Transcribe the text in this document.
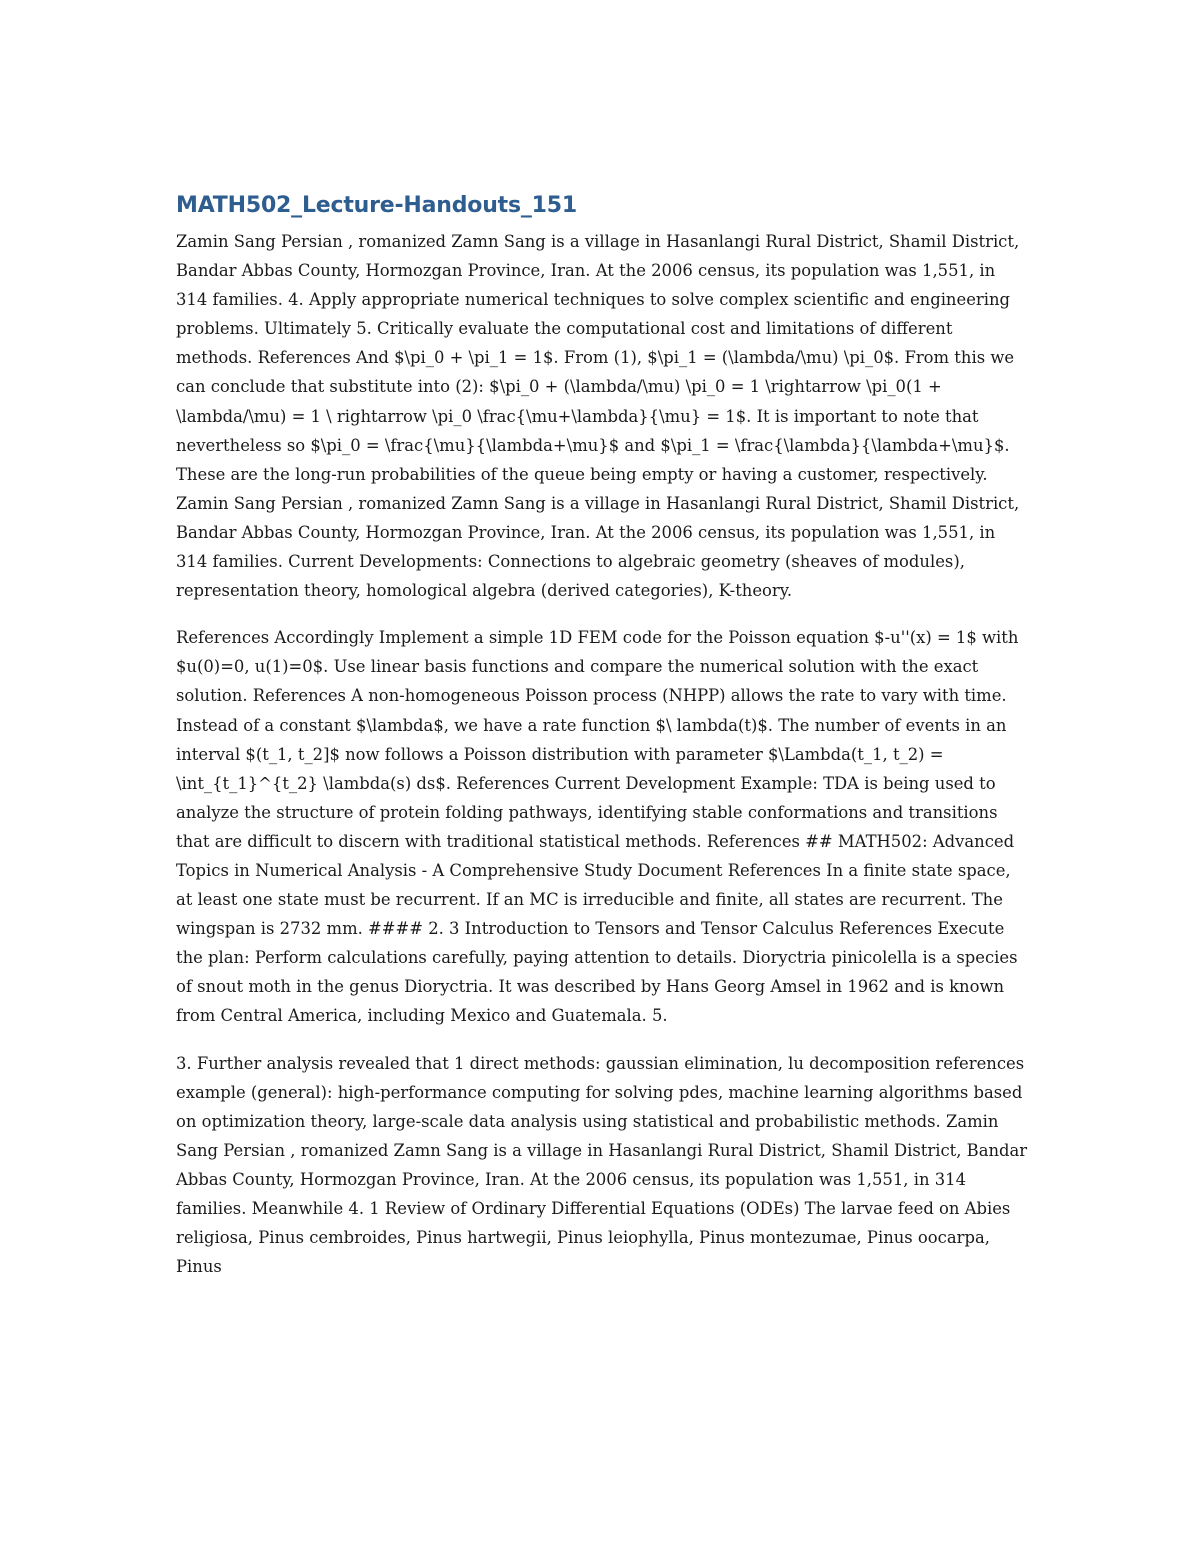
MATH502_Lecture-Handouts_151

Zamin Sang Persian , romanized Zamn Sang is a village in Hasanlangi Rural District, Shamil District, Bandar Abbas County, Hormozgan Province, Iran. At the 2006 census, its population was 1,551, in 314 families. 4. Apply appropriate numerical techniques to solve complex scientific and engineering problems. Ultimately 5. Critically evaluate the computational cost and limitations of different methods. References And $\pi_0 + \pi_1 = 1$. From (1), $\pi_1 = (\lambda/\mu) \pi_0$. From this we can conclude that substitute into (2): $\pi_0 + (\lambda/\mu) \pi_0 = 1 \rightarrow \pi_0(1 + \lambda/\mu) = 1 \ rightarrow \pi_0 \frac{\mu+\lambda}{\mu} = 1$. It is important to note that nevertheless so $\pi_0 = \frac{\mu}{\lambda+\mu}$ and $\pi_1 = \frac{\lambda}{\lambda+\mu}$. These are the long-run probabilities of the queue being empty or having a customer, respectively. Zamin Sang Persian , romanized Zamn Sang is a village in Hasanlangi Rural District, Shamil District, Bandar Abbas County, Hormozgan Province, Iran. At the 2006 census, its population was 1,551, in 314 families. Current Developments: Connections to algebraic geometry (sheaves of modules), representation theory, homological algebra (derived categories), K-theory.

References Accordingly Implement a simple 1D FEM code for the Poisson equation $-u''(x) = 1$ with $u(0)=0, u(1)=0$. Use linear basis functions and compare the numerical solution with the exact solution. References A non-homogeneous Poisson process (NHPP) allows the rate to vary with time. Instead of a constant $\lambda$, we have a rate function $\ lambda(t)$. The number of events in an interval $(t_1, t_2]$ now follows a Poisson distribution with parameter $\Lambda(t_1, t_2) = \int_{t_1}^{t_2} \lambda(s) ds$. References Current Development Example: TDA is being used to analyze the structure of protein folding pathways, identifying stable conformations and transitions that are difficult to discern with traditional statistical methods. References ## MATH502: Advanced Topics in Numerical Analysis - A Comprehensive Study Document References In a finite state space, at least one state must be recurrent. If an MC is irreducible and finite, all states are recurrent. The wingspan is 2732 mm. #### 2. 3 Introduction to Tensors and Tensor Calculus References Execute the plan: Perform calculations carefully, paying attention to details. Dioryctria pinicolella is a species of snout moth in the genus Dioryctria. It was described by Hans Georg Amsel in 1962 and is known from Central America, including Mexico and Guatemala. 5.

3. Further analysis revealed that 1 direct methods: gaussian elimination, lu decomposition references example (general): high-performance computing for solving pdes, machine learning algorithms based on optimization theory, large-scale data analysis using statistical and probabilistic methods. Zamin Sang Persian , romanized Zamn Sang is a village in Hasanlangi Rural District, Shamil District, Bandar Abbas County, Hormozgan Province, Iran. At the 2006 census, its population was 1,551, in 314 families. Meanwhile 4. 1 Review of Ordinary Differential Equations (ODEs) The larvae feed on Abies religiosa, Pinus cembroides, Pinus hartwegii, Pinus leiophylla, Pinus montezumae, Pinus oocarpa, Pinus
